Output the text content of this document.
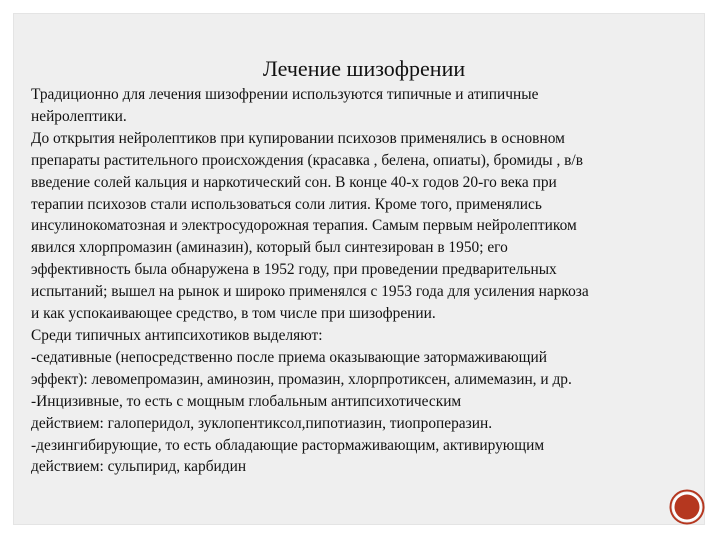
Лечение шизофрении
Традиционно для лечения шизофрении используются типичные и атипичные
нейролептики.
До открытия нейролептиков при купировании психозов применялись в основном
препараты растительного происхождения (красавка , белена, опиаты), бромиды , в/в
введение солей кальция и наркотический сон. В конце 40-х годов 20-го века при
терапии психозов стали использоваться соли лития. Кроме того, применялись
инсулинокоматозная и электросудорожная терапия. Самым первым нейролептиком
явился хлорпромазин (аминазин), который был синтезирован в 1950; его
эффективность была обнаружена в 1952 году, при проведении предварительных
испытаний; вышел на рынок и широко применялся с 1953 года для усиления наркоза
и как успокаивающее средство, в том числе при шизофрении.
Среди типичных антипсихотиков выделяют:
-седативные (непосредственно после приема оказывающие затормаживающий
эффект): левомепромазин, аминозин, промазин, хлорпротиксен, алимемазин, и др.
-Инцизивные, то есть с мощным глобальным антипсихотическим
действием: галоперидол, зуклопентиксол,пипотиазин, тиопроперазин.
-дезингибирующие, то есть обладающие растормаживающим, активирующим
действием: сульпирид, карбидин
